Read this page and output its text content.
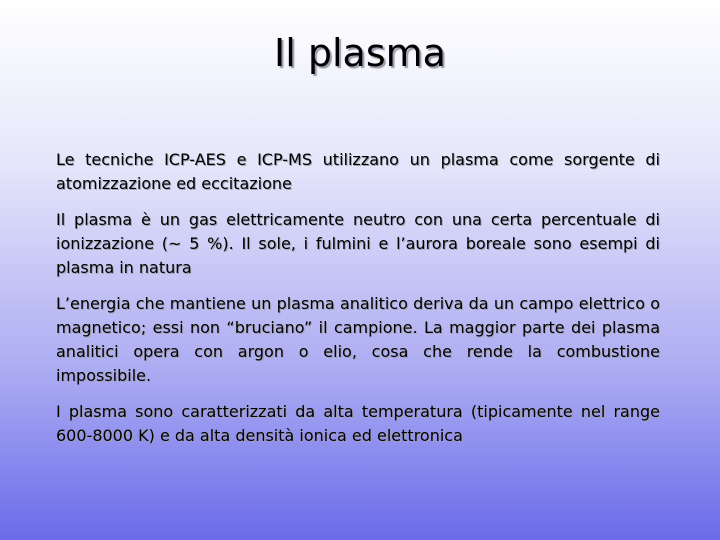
Il plasma

Le tecniche ICP-AES e ICP-MS utilizzano un plasma come sorgente di atomizzazione ed eccitazione

Il plasma è un gas elettricamente neutro con una certa percentuale di ionizzazione (~ 5 %). Il sole, i fulmini e l’aurora boreale sono esempi di plasma in natura

L’energia che mantiene un plasma analitico deriva da un campo elettrico o magnetico; essi non “bruciano” il campione. La maggior parte dei plasma analitici opera con argon o elio, cosa che rende la combustione impossibile.

I plasma sono caratterizzati da alta temperatura (tipicamente nel range 600-8000 K) e da alta densità ionica ed elettronica
